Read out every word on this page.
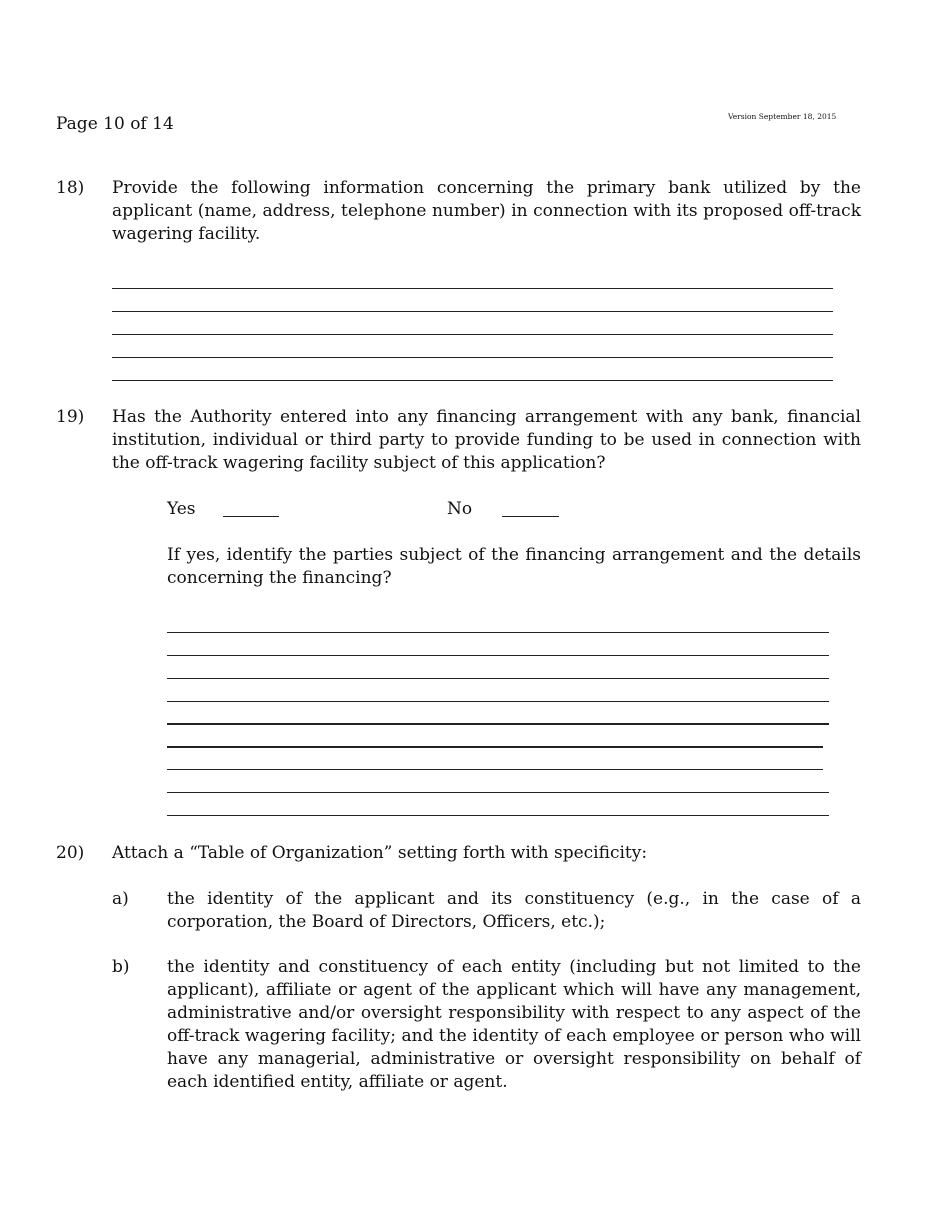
Page 10 of 14	Version September 18, 2015
18) Provide the following information concerning the primary bank utilized by the applicant (name, address, telephone number) in connection with its proposed off-track wagering facility.
19) Has the Authority entered into any financing arrangement with any bank, financial institution, individual or third party to provide funding to be used in connection with the off-track wagering facility subject of this application?
Yes	No
If yes, identify the parties subject of the financing arrangement and the details concerning the financing?
20) Attach a “Table of Organization” setting forth with specificity:
a) the identity of the applicant and its constituency (e.g., in the case of a corporation, the Board of Directors, Officers, etc.);
b) the identity and constituency of each entity (including but not limited to the applicant), affiliate or agent of the applicant which will have any management, administrative and/or oversight responsibility with respect to any aspect of the off-track wagering facility; and the identity of each employee or person who will have any managerial, administrative or oversight responsibility on behalf of each identified entity, affiliate or agent.
